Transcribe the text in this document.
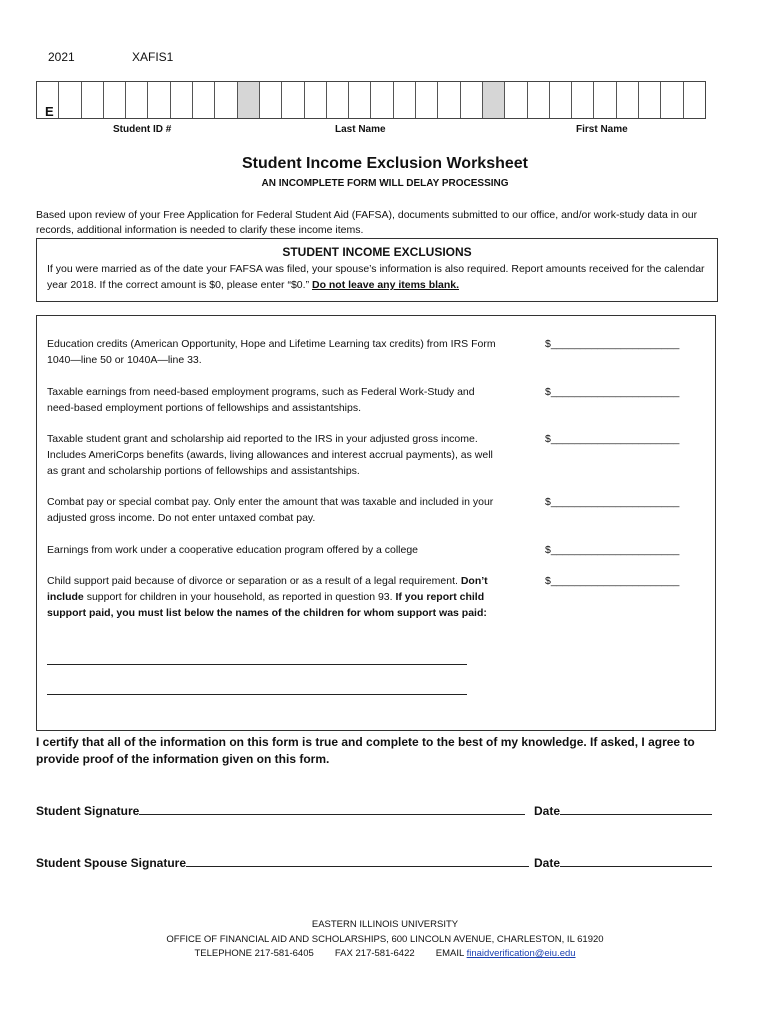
2021	XAFIS1
E
Student ID #	Last Name	First Name
Student Income Exclusion Worksheet
AN INCOMPLETE FORM WILL DELAY PROCESSING
Based upon review of your Free Application for Federal Student Aid (FAFSA), documents submitted to our office, and/or work-study data in our records, additional information is needed to clarify these income items.
STUDENT INCOME EXCLUSIONS
If you were married as of the date your FAFSA was filed, your spouse’s information is also required. Report amounts received for the calendar year 2018. If the correct amount is $0, please enter “$0.” Do not leave any items blank.
Education credits (American Opportunity, Hope and Lifetime Learning tax credits) from IRS Form 1040—line 50 or 1040A—line 33.
$______________________
Taxable earnings from need-based employment programs, such as Federal Work-Study and need-based employment portions of fellowships and assistantships.
$______________________
Taxable student grant and scholarship aid reported to the IRS in your adjusted gross income. Includes AmeriCorps benefits (awards, living allowances and interest accrual payments), as well as grant and scholarship portions of fellowships and assistantships.
$______________________
Combat pay or special combat pay. Only enter the amount that was taxable and included in your adjusted gross income. Do not enter untaxed combat pay.
$______________________
Earnings from work under a cooperative education program offered by a college	$______________________
Child support paid because of divorce or separation or as a result of a legal requirement. Don’t include support for children in your household, as reported in question 93. If you report child support paid, you must list below the names of the children for whom support was paid:
$______________________
I certify that all of the information on this form is true and complete to the best of my knowledge. If asked, I agree to provide proof of the information given on this form.
Student Signature	Date
Student Spouse Signature	Date
EASTERN ILLINOIS UNIVERSITY
OFFICE OF FINANCIAL AID AND SCHOLARSHIPS, 600 LINCOLN AVENUE, CHARLESTON, IL 61920
TELEPHONE 217-581-6405 FAX 217-581-6422 EMAIL finaidverification@eiu.edu
